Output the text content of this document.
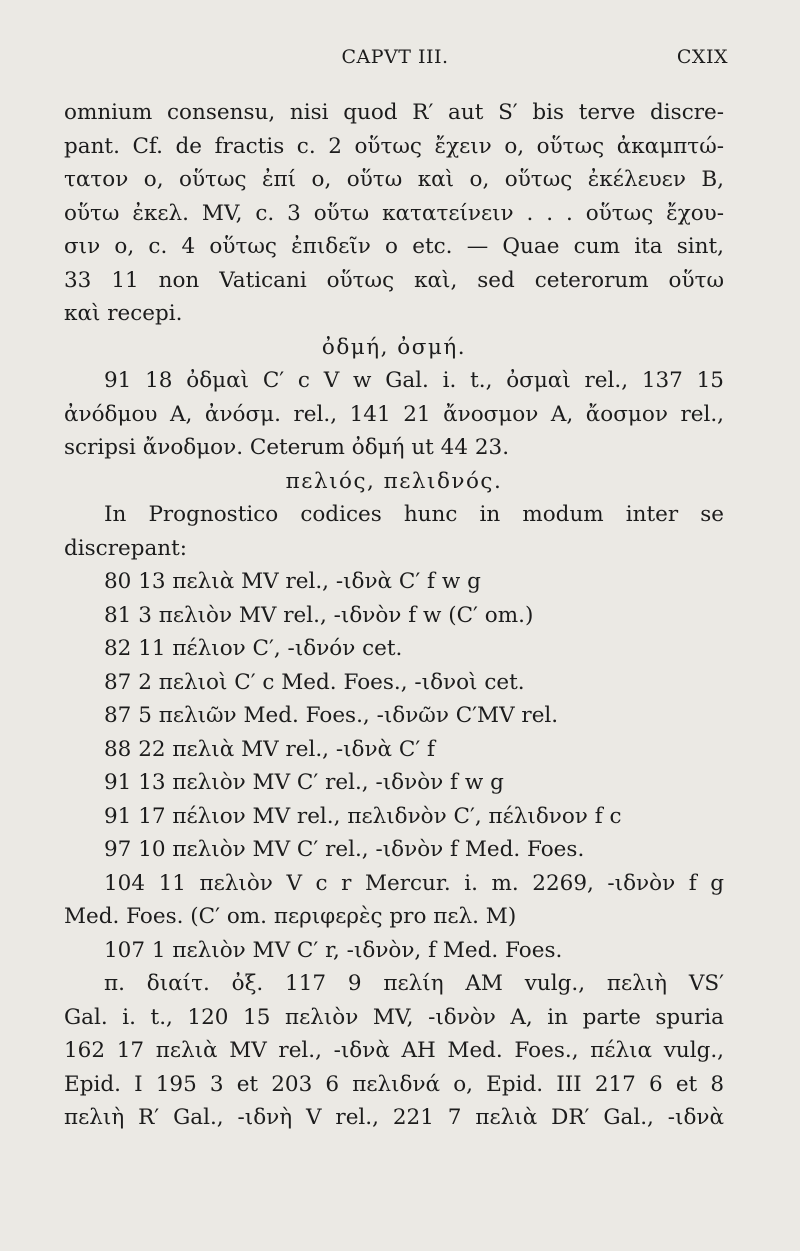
CAPVT III.	CXIX
omnium consensu, nisi quod R′ aut S′ bis terve discre-
pant. Cf. de fractis c. 2 οὕτως ἔχειν o, οὕτως ἀκαμπτώ-
τατον o, οὕτως ἐπί o, οὕτω καὶ o, οὕτως ἐκέλευεν B,
οὕτω ἐκελ. MV, c. 3 οὕτω κατατείνειν . . . οὕτως ἔχου-
σιν o, c. 4 οὕτως ἐπιδεῖν o etc. — Quae cum ita sint,
33 11 non Vaticani οὕτως καὶ, sed ceterorum οὕτω
καὶ recepi.
ὀδμή, ὀσμή.
91 18 ὀδμαὶ C′ c V w Gal. i. t., ὀσμαὶ rel., 137 15
ἀνόδμου A, ἀνόσμ. rel., 141 21 ἄνοσμον A, ἄοσμον rel.,
scripsi ἄνοδμον. Ceterum ὀδμή ut 44 23.
πελιός, πελιδνός.
In Prognostico codices hunc in modum inter se
discrepant:
80 13 πελιὰ MV rel., -ιδνὰ C′ f w g
81 3 πελιὸν MV rel., -ιδνὸν f w (C′ om.)
82 11 πέλιον C′, -ιδνόν cet.
87 2 πελιοὶ C′ c Med. Foes., -ιδνοὶ cet.
87 5 πελιῶν Med. Foes., -ιδνῶν C′MV rel.
88 22 πελιὰ MV rel., -ιδνὰ C′ f
91 13 πελιὸν MV C′ rel., -ιδνὸν f w g
91 17 πέλιον MV rel., πελιδνὸν C′, πέλιδνον f c
97 10 πελιὸν MV C′ rel., -ιδνὸν f Med. Foes.
104 11 πελιὸν V c r Mercur. i. m. 2269, -ιδνὸν f g
Med. Foes. (C′ om. περιφερὲς pro πελ. M)
107 1 πελιὸν MV C′ r, -ιδνὸν, f Med. Foes.
π. διαίτ. ὀξ. 117 9 πελίη AM vulg., πελιὴ VS′
Gal. i. t., 120 15 πελιὸν MV, -ιδνὸν A, in parte spuria
162 17 πελιὰ MV rel., -ιδνὰ AH Med. Foes., πέλια vulg.,
Epid. I 195 3 et 203 6 πελιδνά o, Epid. III 217 6 et 8
πελιὴ R′ Gal., -ιδνὴ V rel., 221 7 πελιὰ DR′ Gal., -ιδνὰ
